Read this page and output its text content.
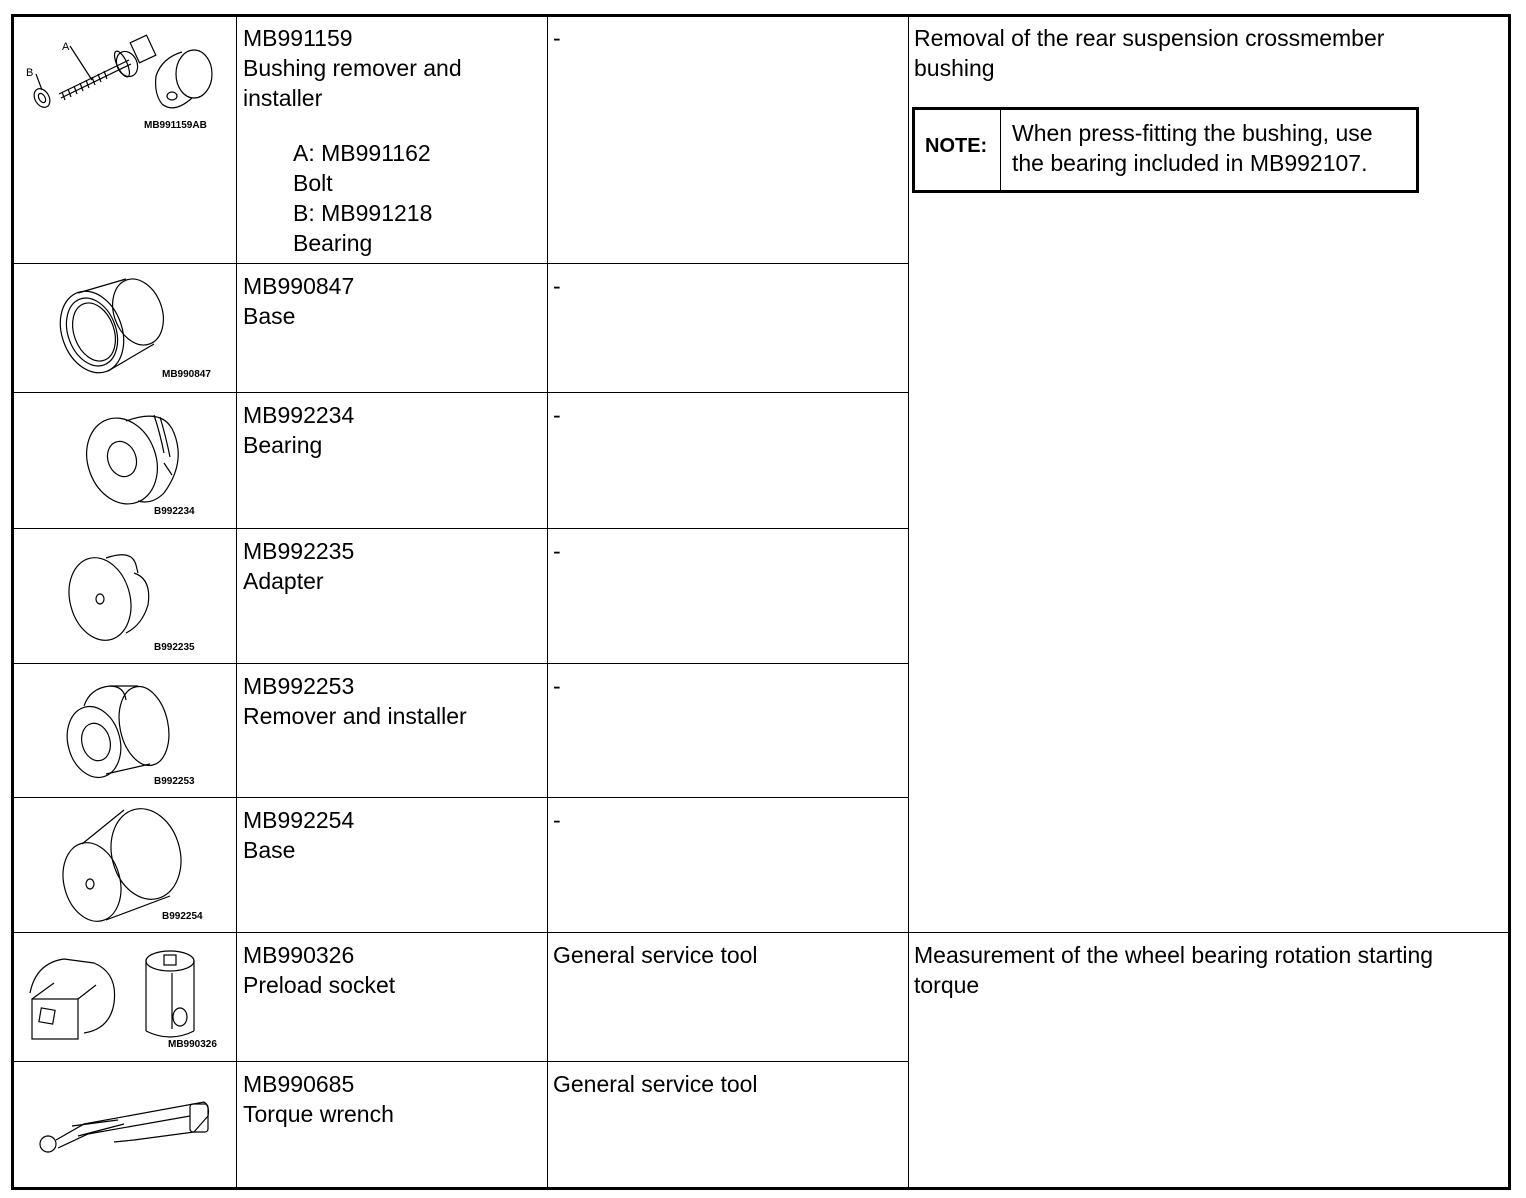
A
B
MB991159AB
MB991159
Bushing remover and
installer
A: MB991162
Bolt
B: MB991218
Bearing
-
MB990847
MB990847
Base
-
B992234
MB992234
Bearing
-
B992235
MB992235
Adapter
-
B992253
MB992253
Remover and installer
-
B992254
MB992254
Base
-
MB990326
MB990326
Preload socket
General service tool
MB990685
Torque wrench
General service tool
Removal of the rear suspension crossmember
bushing
NOTE:	When press-fitting the bushing, use
the bearing included in MB992107.
Measurement of the wheel bearing rotation starting
torque
